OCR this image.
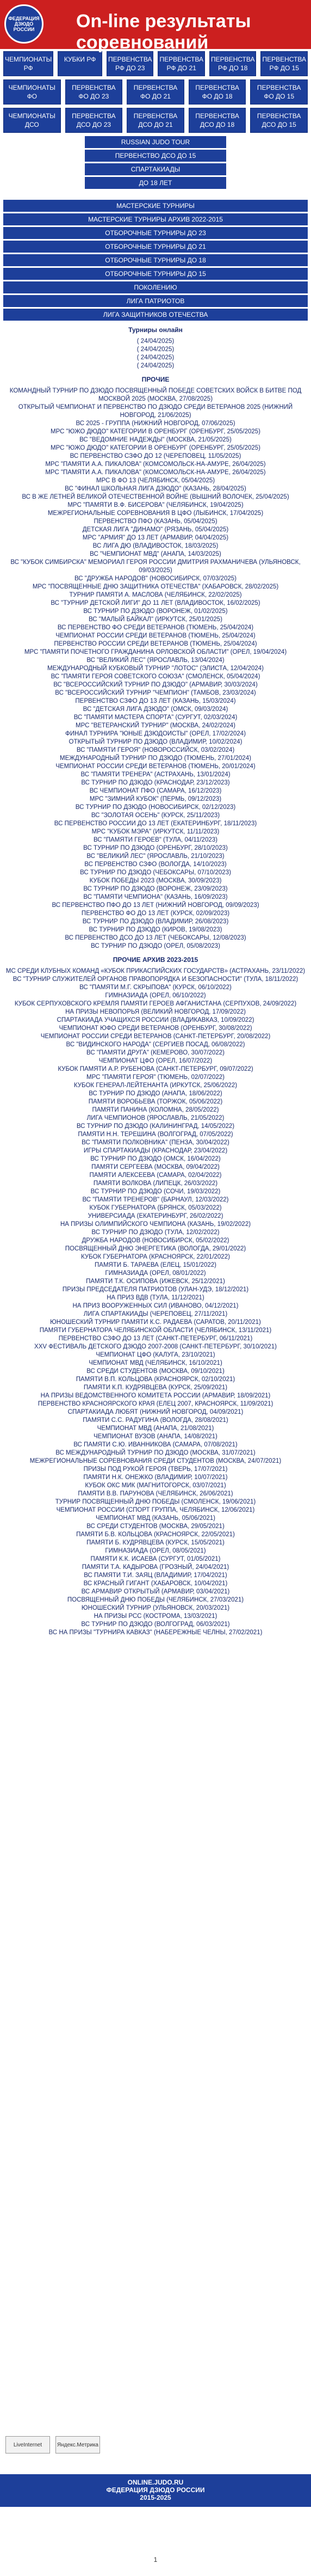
ФЕДЕРАЦИЯ ДЗЮДО РОССИИ	On-line результаты соревнований
ЧЕМПИОНАТЫ РФ
КУБКИ РФ	ПЕРВЕНСТВА РФ ДО 23
ПЕРВЕНСТВА РФ ДО 21
ПЕРВЕНСТВА РФ ДО 18
ПЕРВЕНСТВА РФ ДО 15
ЧЕМПИОНАТЫ ФО
ПЕРВЕНСТВА ФО ДО 23
ПЕРВЕНСТВА ФО ДО 21
ПЕРВЕНСТВА ФО ДО 18
ПЕРВЕНСТВА ФО ДО 15
ЧЕМПИОНАТЫ ДСО
ПЕРВЕНСТВА ДСО ДО 23
ПЕРВЕНСТВА ДСО ДО 21
ПЕРВЕНСТВА ДСО ДО 18
ПЕРВЕНСТВА ДСО ДО 15
RUSSIAN JUDO TOUR
ПЕРВЕНСТВО ДСО ДО 15
СПАРТАКИАДЫ
ДО 18 ЛЕТ
МАСТЕРСКИЕ ТУРНИРЫ
МАСТЕРСКИЕ ТУРНИРЫ АРХИВ 2022-2015
ОТБОРОЧНЫЕ ТУРНИРЫ ДО 23
ОТБОРОЧНЫЕ ТУРНИРЫ ДО 21
ОТБОРОЧНЫЕ ТУРНИРЫ ДО 18
ОТБОРОЧНЫЕ ТУРНИРЫ ДО 15
ПОКОЛЕНИЮ
ЛИГА ПАТРИОТОВ
ЛИГА ЗАЩИТНИКОВ ОТЕЧЕСТВА
Турниры онлайн
( 24/04/2025)
( 24/04/2025)
( 24/04/2025)
( 24/04/2025)
ПРОЧИЕ
КОМАНДНЫЙ ТУРНИР ПО ДЗЮДО ПОСВЯЩЕННЫЙ ПОБЕДЕ СОВЕТСКИХ ВОЙСК В БИТВЕ ПОД МОСКВОЙ 2025 (МОСКВА, 27/08/2025)
ОТКРЫТЫЙ ЧЕМПИОНАТ И ПЕРВЕНСТВО ПО ДЗЮДО СРЕДИ ВЕТЕРАНОВ 2025 (НИЖНИЙ НОВГОРОД, 21/06/2025)
ВС 2025 - ГРУППА (НИЖНИЙ НОВГОРОД, 07/06/2025)
МРС "ЮЖО ДЮДО" КАТЕГОРИИ В ОРЕНБУРГ (ОРЕНБУРГ, 25/05/2025)
ВС "ВЕДОМНИЕ НАДЕЖДЫ" (МОСКВА, 21/05/2025)
МРС "ЮЖО ДЮДО" КАТЕГОРИИ В ОРЕНБУРГ (ОРЕНБУРГ, 25/05/2025)
ВС ПЕРВЕНСТВО СЗФО ДО 12 (ЧЕРЕПОВЕЦ, 11/05/2025)
МРС "ПАМЯТИ А.А. ПИКАЛОВА" (КОМСОМОЛЬСК-НА-АМУРЕ, 26/04/2025)
МРС "ПАМЯТИ А.А. ПИКАЛОВА" (КОМСОМОЛЬСК-НА-АМУРЕ, 26/04/2025)
МРС В ФО 13 (ЧЕЛЯБИНСК, 05/04/2025)
ВС "ФИНАЛ ШКОЛЬНАЯ ЛИГА ДЗЮДО" (КАЗАНЬ, 28/04/2025)
ВС В ЖЕ ЛЕТНЕЙ ВЕЛИКОЙ ОТЕЧЕСТВЕННОЙ ВОЙНЕ (ВЫШНИЙ ВОЛОЧЕК, 25/04/2025)
МРС "ПАМЯТИ В.Ф. БИСЕРОВА" (ЧЕЛЯБИНСК, 19/04/2025)
МЕЖРЕГИОНАЛЬНЫЕ СОРЕВНОВАНИЯ В ЦФО (ЛЫБИНСК, 17/04/2025)
ПЕРВЕНСТВО ПФО (КАЗАНЬ, 05/04/2025)
ДЕТСКАЯ ЛИГА "ДИНАМО" (РЯЗАНЬ, 05/04/2025)
МРС "АРМИЯ" ДО 13 ЛЕТ (АРМАВИР, 04/04/2025)
ВС ЛИГА ДЮ (ВЛАДИВОСТОК, 18/03/2025)
ВС "ЧЕМПИОНАТ МВД" (АНАПА, 14/03/2025)
ВС "КУБОК СИМБИРСКА" МЕМОРИАЛ ГЕРОЯ РОССИИ ДМИТРИЯ РАХМАНИЧЕВА (УЛЬЯНОВСК, 09/03/2025)
ВС "ДРУЖБА НАРОДОВ" (НОВОСИБИРСК, 07/03/2025)
МРС "ПОСВЯЩЕННЫЕ ДНЮ ЗАЩИТНИКА ОТЕЧЕСТВА" (ХАБАРОВСК, 28/02/2025)
ТУРНИР ПАМЯТИ А. МАСЛОВА (ЧЕЛЯБИНСК, 22/02/2025)
ВС "ТУРНИР ДЕТСКОЙ ЛИГИ" ДО 11 ЛЕТ (ВЛАДИВОСТОК, 16/02/2025)
ВС ТУРНИР ПО ДЗЮДО (ВОРОНЕЖ, 01/02/2025)
ВС "МАЛЫЙ БАЙКАЛ" (ИРКУТСК, 25/01/2025)
ВС ПЕРВЕНСТВО ФО СРЕДИ ВЕТЕРАНОВ (ТЮМЕНЬ, 25/04/2024)
ЧЕМПИОНАТ РОССИИ СРЕДИ ВЕТЕРАНОВ (ТЮМЕНЬ, 25/04/2024)
ПЕРВЕНСТВО РОССИИ СРЕДИ ВЕТЕРАНОВ (ТЮМЕНЬ, 25/04/2024)
МРС "ПАМЯТИ ПОЧЕТНОГО ГРАЖДАНИНА ОРЛОВСКОЙ ОБЛАСТИ" (ОРЕЛ, 19/04/2024)
ВС "ВЕЛИКИЙ ЛЕС" (ЯРОСЛАВЛЬ, 13/04/2024)
МЕЖДУНАРОДНЫЙ КУБКОВЫЙ ТУРНИР "ЛОТОС" (ЭЛИСТА, 12/04/2024)
ВС "ПАМЯТИ ГЕРОЯ СОВЕТСКОГО СОЮЗА" (СМОЛЕНСК, 05/04/2024)
ВС "ВСЕРОССИЙСКИЙ ТУРНИР ПО ДЗЮДО" (АРМАВИР, 30/03/2024)
ВС "ВСЕРОССИЙСКИЙ ТУРНИР "ЧЕМПИОН" (ТАМБОВ, 23/03/2024)
ПЕРВЕНСТВО СЗФО ДО 13 ЛЕТ (КАЗАНЬ, 15/03/2024)
ВС "ДЕТСКАЯ ЛИГА ДЗЮДО" (ОМСК, 09/03/2024)
ВС "ПАМЯТИ МАСТЕРА СПОРТА" (СУРГУТ, 02/03/2024)
МРС "ВЕТЕРАНСКИЙ ТУРНИР" (МОСКВА, 24/02/2024)
ФИНАЛ ТУРНИРА "ЮНЫЕ ДЗЮДОИСТЫ" (ОРЕЛ, 17/02/2024)
ОТКРЫТЫЙ ТУРНИР ПО ДЗЮДО (ВЛАДИМИР, 10/02/2024)
ВС "ПАМЯТИ ГЕРОЯ" (НОВОРОССИЙСК, 03/02/2024)
МЕЖДУНАРОДНЫЙ ТУРНИР ПО ДЗЮДО (ТЮМЕНЬ, 27/01/2024)
ЧЕМПИОНАТ РОССИИ СРЕДИ ВЕТЕРАНОВ (ТЮМЕНЬ, 20/01/2024)
ВС "ПАМЯТИ ТРЕНЕРА" (АСТРАХАНЬ, 13/01/2024)
ВС ТУРНИР ПО ДЗЮДО (КРАСНОДАР, 23/12/2023)
ВС ЧЕМПИОНАТ ПФО (САМАРА, 16/12/2023)
МРС "ЗИМНИЙ КУБОК" (ПЕРМЬ, 09/12/2023)
ВС ТУРНИР ПО ДЗЮДО (НОВОСИБИРСК, 02/12/2023)
ВС "ЗОЛОТАЯ ОСЕНЬ" (КУРСК, 25/11/2023)
ВС ПЕРВЕНСТВО РОССИИ ДО 13 ЛЕТ (ЕКАТЕРИНБУРГ, 18/11/2023)
МРС "КУБОК МЭРА" (ИРКУТСК, 11/11/2023)
ВС "ПАМЯТИ ГЕРОЕВ" (ТУЛА, 04/11/2023)
ВС ТУРНИР ПО ДЗЮДО (ОРЕНБУРГ, 28/10/2023)
ВС "ВЕЛИКИЙ ЛЕС" (ЯРОСЛАВЛЬ, 21/10/2023)
ВС ПЕРВЕНСТВО СЗФО (ВОЛОГДА, 14/10/2023)
ВС ТУРНИР ПО ДЗЮДО (ЧЕБОКСАРЫ, 07/10/2023)
КУБОК ПОБЕДЫ 2023 (МОСКВА, 30/09/2023)
ВС ТУРНИР ПО ДЗЮДО (ВОРОНЕЖ, 23/09/2023)
ВС "ПАМЯТИ ЧЕМПИОНА" (КАЗАНЬ, 16/09/2023)
ВС ПЕРВЕНСТВО ПФО ДО 13 ЛЕТ (НИЖНИЙ НОВГОРОД, 09/09/2023)
ПЕРВЕНСТВО ФО ДО 13 ЛЕТ (КУРСК, 02/09/2023)
ВС ТУРНИР ПО ДЗЮДО (ВЛАДИМИР, 26/08/2023)
ВС ТУРНИР ПО ДЗЮДО (КИРОВ, 19/08/2023)
ВС ПЕРВЕНСТВО ДСО ДО 13 ЛЕТ (ЧЕБОКСАРЫ, 12/08/2023)
ВС ТУРНИР ПО ДЗЮДО (ОРЕЛ, 05/08/2023)
ПРОЧИЕ АРХИВ 2023-2015
МС СРЕДИ КЛУБНЫХ КОМАНД «КУБОК ПРИКАСПИЙСКИХ ГОСУДАРСТВ» (АСТРАХАНЬ, 23/11/2022)
ВС "ТУРНИР СЛУЖИТЕЛЕЙ ОРГАНОВ ПРАВОПОРЯДКА И БЕЗОПАСНОСТИ" (ТУЛА, 18/11/2022)
ВС "ПАМЯТИ М.Г. СКРЫПОВА" (КУРСК, 06/10/2022)
ГИМНАЗИАДА (ОРЕЛ, 06/10/2022)
КУБОК СЕРПУХОВСКОГО КРЕМЛЯ ПАМЯТИ ГЕРОЕВ АФГАНИСТАНА (СЕРПУХОВ, 24/09/2022)
НА ПРИЗЫ НЕВОПОРЬЯ (ВЕЛИКИЙ НОВГОРОД, 17/09/2022)
СПАРТАКИАДА УЧАЩИХСЯ РОССИИ (ВЛАДИКАВКАЗ, 10/09/2022)
ЧЕМПИОНАТ ЮФО СРЕДИ ВЕТЕРАНОВ (ОРЕНБУРГ, 30/08/2022)
ЧЕМПИОНАТ РОССИИ СРЕДИ ВЕТЕРАНОВ (САНКТ-ПЕТЕРБУРГ, 20/08/2022)
ВС "ВИДИНСКОГО НАРОДА" (СЕРГИЕВ ПОСАД, 06/08/2022)
ВС "ПАМЯТИ ДРУГА" (КЕМЕРОВО, 30/07/2022)
ЧЕМПИОНАТ ЦФО (ОРЕЛ, 16/07/2022)
КУБОК ПАМЯТИ А.Р. РУБЕНОВА (САНКТ-ПЕТЕРБУРГ, 09/07/2022)
МРС "ПАМЯТИ ГЕРОЯ" (ТЮМЕНЬ, 02/07/2022)
КУБОК ГЕНЕРАЛ-ЛЕЙТЕНАНТА (ИРКУТСК, 25/06/2022)
ВС ТУРНИР ПО ДЗЮДО (АНАПА, 18/06/2022)
ПАМЯТИ ВОРОБЬЕВА (ТОРЖОК, 05/06/2022)
ПАМЯТИ ПАНИНА (КОЛОМНА, 28/05/2022)
ЛИГА ЧЕМПИОНОВ (ЯРОСЛАВЛЬ, 21/05/2022)
ВС ТУРНИР ПО ДЗЮДО (КАЛИНИНГРАД, 14/05/2022)
ПАМЯТИ Н.Н. ТЕРЕШИНА (ВОЛГОГРАД, 07/05/2022)
ВС "ПАМЯТИ ПОЛКОВНИКА" (ПЕНЗА, 30/04/2022)
ИГРЫ СПАРТАКИАДЫ (КРАСНОДАР, 23/04/2022)
ВС ТУРНИР ПО ДЗЮДО (ОМСК, 16/04/2022)
ПАМЯТИ СЕРГЕЕВА (МОСКВА, 09/04/2022)
ПАМЯТИ АЛЕКСЕЕВА (САМАРА, 02/04/2022)
ПАМЯТИ ВОЛКОВА (ЛИПЕЦК, 26/03/2022)
ВС ТУРНИР ПО ДЗЮДО (СОЧИ, 19/03/2022)
ВС "ПАМЯТИ ТРЕНЕРОВ" (БАРНАУЛ, 12/03/2022)
КУБОК ГУБЕРНАТОРА (БРЯНСК, 05/03/2022)
УНИВЕРСИАДА (ЕКАТЕРИНБУРГ, 26/02/2022)
НА ПРИЗЫ ОЛИМПИЙСКОГО ЧЕМПИОНА (КАЗАНЬ, 19/02/2022)
ВС ТУРНИР ПО ДЗЮДО (ТУЛА, 12/02/2022)
ДРУЖБА НАРОДОВ (НОВОСИБИРСК, 05/02/2022)
ПОСВЯЩЕННЫЙ ДНЮ ЭНЕРГЕТИКА (ВОЛОГДА, 29/01/2022)
КУБОК ГУБЕРНАТОРА (КРАСНОЯРСК, 22/01/2022)
ПАМЯТИ Б. ТАРАЕВА (ЕЛЕЦ, 15/01/2022)
ГИМНАЗИАДА (ОРЕЛ, 08/01/2022)
ПАМЯТИ Т.К. ОСИПОВА (ИЖЕВСК, 25/12/2021)
ПРИЗЫ ПРЕДСЕДАТЕЛЯ ПАТРИОТОВ (УЛАН-УДЭ, 18/12/2021)
НА ПРИЗ ВДВ (ТУЛА, 11/12/2021)
НА ПРИЗ ВООРУЖЕННЫХ СИЛ (ИВАНОВО, 04/12/2021)
ЛИГА СПАРТАКИАДЫ (ЧЕРЕПОВЕЦ, 27/11/2021)
ЮНОШЕСКИЙ ТУРНИР ПАМЯТИ К.С. РАДАЕВА (САРАТОВ, 20/11/2021)
ПАМЯТИ ГУБЕРНАТОРА ЧЕЛЯБИНСКОЙ ОБЛАСТИ (ЧЕЛЯБИНСК, 13/11/2021)
ПЕРВЕНСТВО СЗФО ДО 13 ЛЕТ (САНКТ-ПЕТЕРБУРГ, 06/11/2021)
XXV ФЕСТИВАЛЬ ДЕТСКОГО ДЗЮДО 2007-2008 (САНКТ-ПЕТЕРБУРГ, 30/10/2021)
ЧЕМПИОНАТ ЦФО (КАЛУГА, 23/10/2021)
ЧЕМПИОНАТ МВД (ЧЕЛЯБИНСК, 16/10/2021)
ВС СРЕДИ СТУДЕНТОВ (МОСКВА, 09/10/2021)
ПАМЯТИ В.П. КОЛЬЦОВА (КРАСНОЯРСК, 02/10/2021)
ПАМЯТИ К.П. КУДРЯВЦЕВА (КУРСК, 25/09/2021)
НА ПРИЗЫ ВЕДОМСТВЕННОГО КОМИТЕТА РОССИИ (АРМАВИР, 18/09/2021)
ПЕРВЕНСТВО КРАСНОЯРСКОГО КРАЯ (ЕЛЕЦ 2007, КРАСНОЯРСК, 11/09/2021)
СПАРТАКИАДА ЛЮБЯТ (НИЖНИЙ НОВГОРОД, 04/09/2021)
ПАМЯТИ С.С. РАДУГИНА (ВОЛОГДА, 28/08/2021)
ЧЕМПИОНАТ МВД (АНАПА, 21/08/2021)
ЧЕМПИОНАТ ВУЗОВ (АНАПА, 14/08/2021)
ВС ПАМЯТИ С.Ю. ИВАННИКОВА (САМАРА, 07/08/2021)
ВС МЕЖДУНАРОДНЫЙ ТУРНИР ПО ДЗЮДО (МОСКВА, 31/07/2021)
МЕЖРЕГИОНАЛЬНЫЕ СОРЕВНОВАНИЯ СРЕДИ СТУДЕНТОВ (МОСКВА, 24/07/2021)
ПРИЗЫ ПОД РУКОЙ ГЕРОЯ (ТВЕРЬ, 17/07/2021)
ПАМЯТИ Н.К. ОНЕЖКО (ВЛАДИМИР, 10/07/2021)
КУБОК ОКС МИК (МАГНИТОГОРСК, 03/07/2021)
ПАМЯТИ В.В. ПАРУНОВА (ЧЕЛЯБИНСК, 26/06/2021)
ТУРНИР ПОСВЯЩЕННЫЙ ДНЮ ПОБЕДЫ (СМОЛЕНСК, 19/06/2021)
ЧЕМПИОНАТ РОССИИ (СПОРТ ГРУППА, ЧЕЛЯБИНСК, 12/06/2021)
ЧЕМПИОНАТ МВД (КАЗАНЬ, 05/06/2021)
ВС СРЕДИ СТУДЕНТОВ (МОСКВА, 29/05/2021)
ПАМЯТИ Б.В. КОЛЬЦОВА (КРАСНОЯРСК, 22/05/2021)
ПАМЯТИ Б. КУДРЯВЦЕВА (КУРСК, 15/05/2021)
ГИМНАЗИАДА (ОРЕЛ, 08/05/2021)
ПАМЯТИ К.К. ИСАЕВА (СУРГУТ, 01/05/2021)
ПАМЯТИ Т.А. КАДЫРОВА (ГРОЗНЫЙ, 24/04/2021)
ВС ПАМЯТИ Т.И. ЗАЯЦ (ВЛАДИМИР, 17/04/2021)
ВС КРАСНЫЙ ГИГАНТ (ХАБАРОВСК, 10/04/2021)
ВС АРМАВИР ОТКРЫТЫЙ (АРМАВИР, 03/04/2021)
ПОСВЯЩЕННЫЙ ДНЮ ПОБЕДЫ (ЧЕЛЯБИНСК, 27/03/2021)
ЮНОШЕСКИЙ ТУРНИР (УЛЬЯНОВСК, 20/03/2021)
НА ПРИЗЫ РСС (КОСТРОМА, 13/03/2021)
ВС ТУРНИР ПО ДЗЮДО (ВОЛГОГРАД, 06/03/2021)
ВС НА ПРИЗЫ "ТУРНИРА КАВКАЗ" (НАБЕРЕЖНЫЕ ЧЕЛНЫ, 27/02/2021)
LiveInternet	Яндекс.Метрика
ONLINE.JUDO.RU
ФЕДЕРАЦИЯ ДЗЮДО РОССИИ
2015-2025
1
